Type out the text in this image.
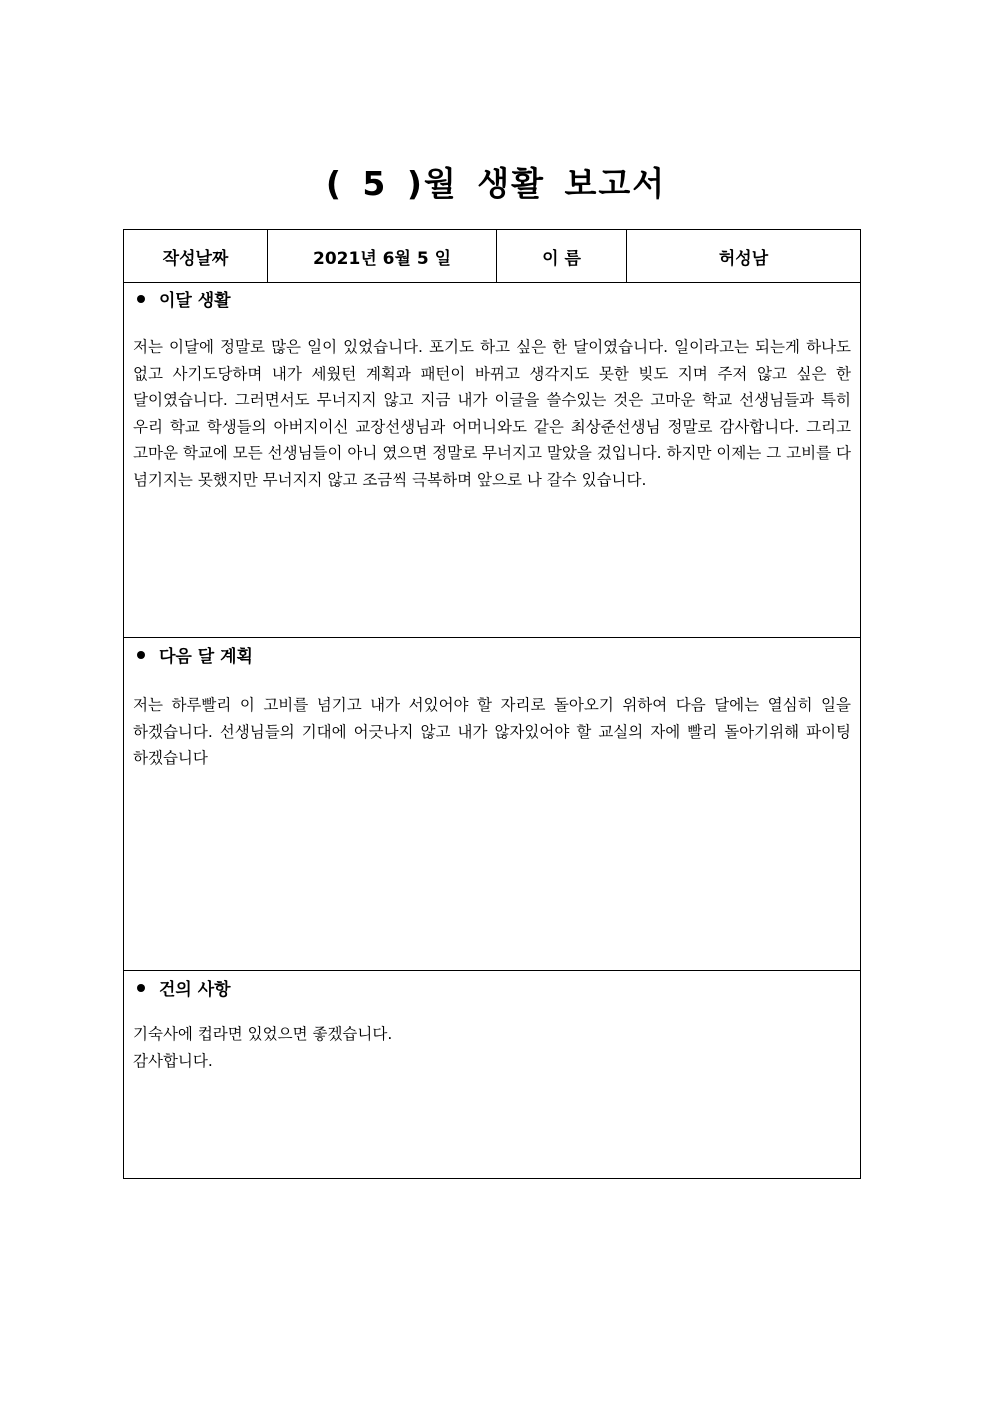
( 5 )월 생활 보고서
작성날짜	2021년 6월 5 일	이 름	허성남
이달 생활
저는 이달에 정말로 많은 일이 있었습니다. 포기도 하고 싶은 한 달이였습니다. 일이라고는 되는게 하나도 없고 사기도당하며 내가 세웠턴 계획과 패턴이 바뀌고 생각지도 못한 빚도 지며 주저 않고 싶은 한 달이였습니다. 그러면서도 무너지지 않고 지금 내가 이글을 쓸수있는 것은 고마운 학교 선생님들과 특히 우리 학교 학생들의 아버지이신 교장선생님과 어머니와도 같은 최상준선생님 정말로 감사합니다. 그리고 고마운 학교에 모든 선생님들이 아니 였으면 정말로 무너지고 말았을 겄입니다. 하지만 이제는 그 고비를 다 넘기지는 못했지만 무너지지 않고 조금씩 극복하며 앞으로 나 갈수 있습니다.
다음 달 계획
저는 하루빨리 이 고비를 넘기고 내가 서있어야 할 자리로 돌아오기 위하여 다음 달에는 열심히 일을 하겠습니다. 선생님들의 기대에 어긋나지 않고 내가 않자있어야 할 교실의 자에 빨리 돌아기위해 파이팅 하겠습니다
건의 사항
기숙사에 컵라면 있었으면 좋겠습니다.
감사합니다.
